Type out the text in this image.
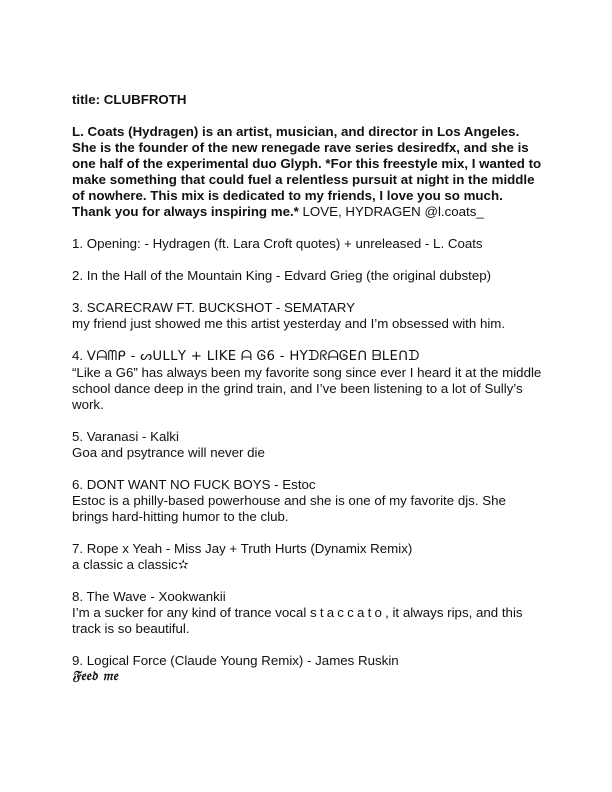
title: CLUBFROTH

L. Coats (Hydragen) is an artist, musician, and director in Los Angeles. She is the founder of the new renegade rave series desiredfx, and she is one half of the experimental duo Glyph. *For this freestyle mix, I wanted to make something that could fuel a relentless pursuit at night in the middle of nowhere. This mix is dedicated to my friends, I love you so much. Thank you for always inspiring me.* LOVE, HYDRAGEN @l.coats_

1. Opening: - Hydragen (ft. Lara Croft quotes) + unreleased - L. Coats
2. In the Hall of the Mountain King - Edvard Grieg (the original dubstep)
3. SCARECRAW FT. BUCKSHOT - SEMATARY
my friend just showed me this artist yesterday and I’m obsessed with him.
4. ᐯᗩᗰᑭ - ᔕᑌᒪᒪY + ᒪIKE ᗩ Ꮆ6 - ᕼYᗪᖇᗩᎶEᑎ ᗷᒪEᑎᗪ
“Like a G6” has always been my favorite song since ever I heard it at the middle school dance deep in the grind train, and I’ve been listening to a lot of Sully’s work.
5. Varanasi - Kalki
Goa and psytrance will never die
6. DONT WANT NO FUCK BOYS - Estoc
Estoc is a philly-based powerhouse and she is one of my favorite djs. She brings hard-hitting humor to the club.
7. Rope x Yeah - Miss Jay + Truth Hurts (Dynamix Remix)
a classic a classic✫
8. The Wave - Xookwankii
I’m a sucker for any kind of trance vocal staccato, it always rips, and this track is so beautiful.
9. Logical Force (Claude Young Remix) - James Ruskin
𝔉𝔢𝔢𝔡 𝔪𝔢
